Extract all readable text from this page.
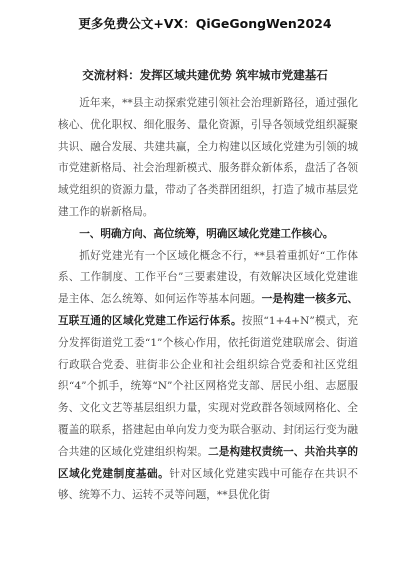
更多免费公文+VX：QiGeGongWen2024
交流材料：发挥区域共建优势 筑牢城市党建基石

近年来，**县主动探索党建引领社会治理新路径，通过强化核心、优化职权、细化服务、量化资源，引导各领域党组织凝聚共识、融合发展、共建共赢，全力构建以区域化党建为引领的城市党建新格局、社会治理新模式、服务群众新体系，盘活了各领域党组织的资源力量，带动了各类群团组织，打造了城市基层党建工作的崭新格局。

一、明确方向、高位统筹，明确区域化党建工作核心。

抓好党建光有一个区域化概念不行，**县着重抓好“工作体系、工作制度、工作平台”三要素建设，有效解决区域化党建谁是主体、怎么统筹、如何运作等基本问题。一是构建一核多元、互联互通的区域化党建工作运行体系。按照“1+4+N”模式，充分发挥街道党工委“1”个核心作用，依托街道党建联席会、街道行政联合党委、驻街非公企业和社会组织综合党委和社区党组织“4”个抓手，统筹“N”个社区网格党支部、居民小组、志愿服务、文化文艺等基层组织力量，实现对党政群各领域网格化、全覆盖的联系，搭建起由单向发力变为联合驱动、封闭运行变为融合共建的区域化党建组织构架。二是构建权责统一、共治共享的区域化党建制度基础。针对区域化党建实践中可能存在共识不够、统筹不力、运转不灵等问题，**县优化街
